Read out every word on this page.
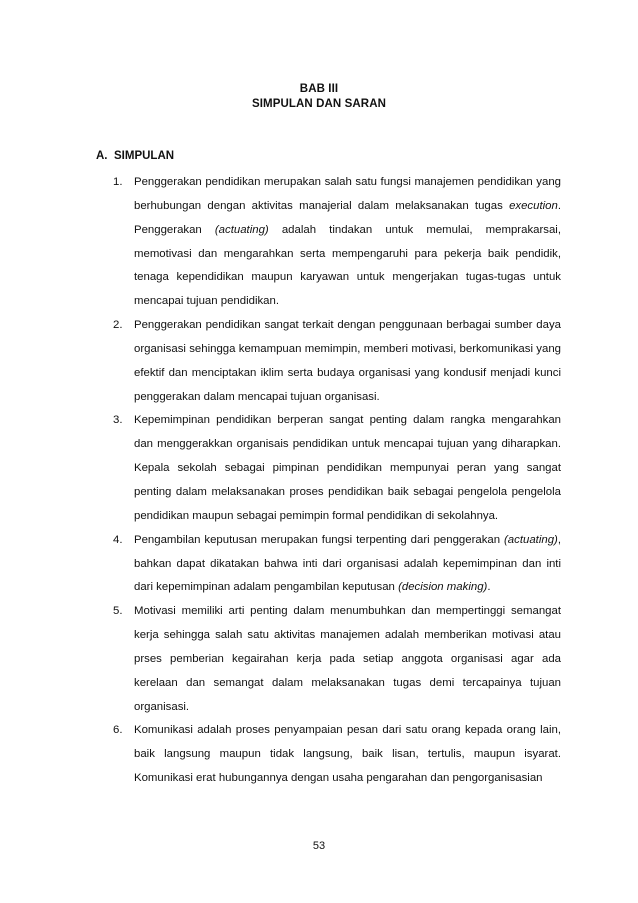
BAB III
SIMPULAN DAN SARAN
A. SIMPULAN
1. Penggerakan pendidikan merupakan salah satu fungsi manajemen pendidikan yang berhubungan dengan aktivitas manajerial dalam melaksanakan tugas execution. Penggerakan (actuating) adalah tindakan untuk memulai, memprakarsai, memotivasi dan mengarahkan serta mempengaruhi para pekerja baik pendidik, tenaga kependidikan maupun karyawan untuk mengerjakan tugas-tugas untuk mencapai tujuan pendidikan.
2. Penggerakan pendidikan sangat terkait dengan penggunaan berbagai sumber daya organisasi sehingga kemampuan memimpin, memberi motivasi, berkomunikasi yang efektif dan menciptakan iklim serta budaya organisasi yang kondusif menjadi kunci penggerakan dalam mencapai tujuan organisasi.
3. Kepemimpinan pendidikan berperan sangat penting dalam rangka mengarahkan dan menggerakkan organisais pendidikan untuk mencapai tujuan yang diharapkan. Kepala sekolah sebagai pimpinan pendidikan mempunyai peran yang sangat penting dalam melaksanakan proses pendidikan baik sebagai pengelola pengelola pendidikan maupun sebagai pemimpin formal pendidikan di sekolahnya.
4. Pengambilan keputusan merupakan fungsi terpenting dari penggerakan (actuating), bahkan dapat dikatakan bahwa inti dari organisasi adalah kepemimpinan dan inti dari kepemimpinan adalam pengambilan keputusan (decision making).
5. Motivasi memiliki arti penting dalam menumbuhkan dan mempertinggi semangat kerja sehingga salah satu aktivitas manajemen adalah memberikan motivasi atau prses pemberian kegairahan kerja pada setiap anggota organisasi agar ada kerelaan dan semangat dalam melaksanakan tugas demi tercapainya tujuan organisasi.
6. Komunikasi adalah proses penyampaian pesan dari satu orang kepada orang lain, baik langsung maupun tidak langsung, baik lisan, tertulis, maupun isyarat. Komunikasi erat hubungannya dengan usaha pengarahan dan pengorganisasian
53
